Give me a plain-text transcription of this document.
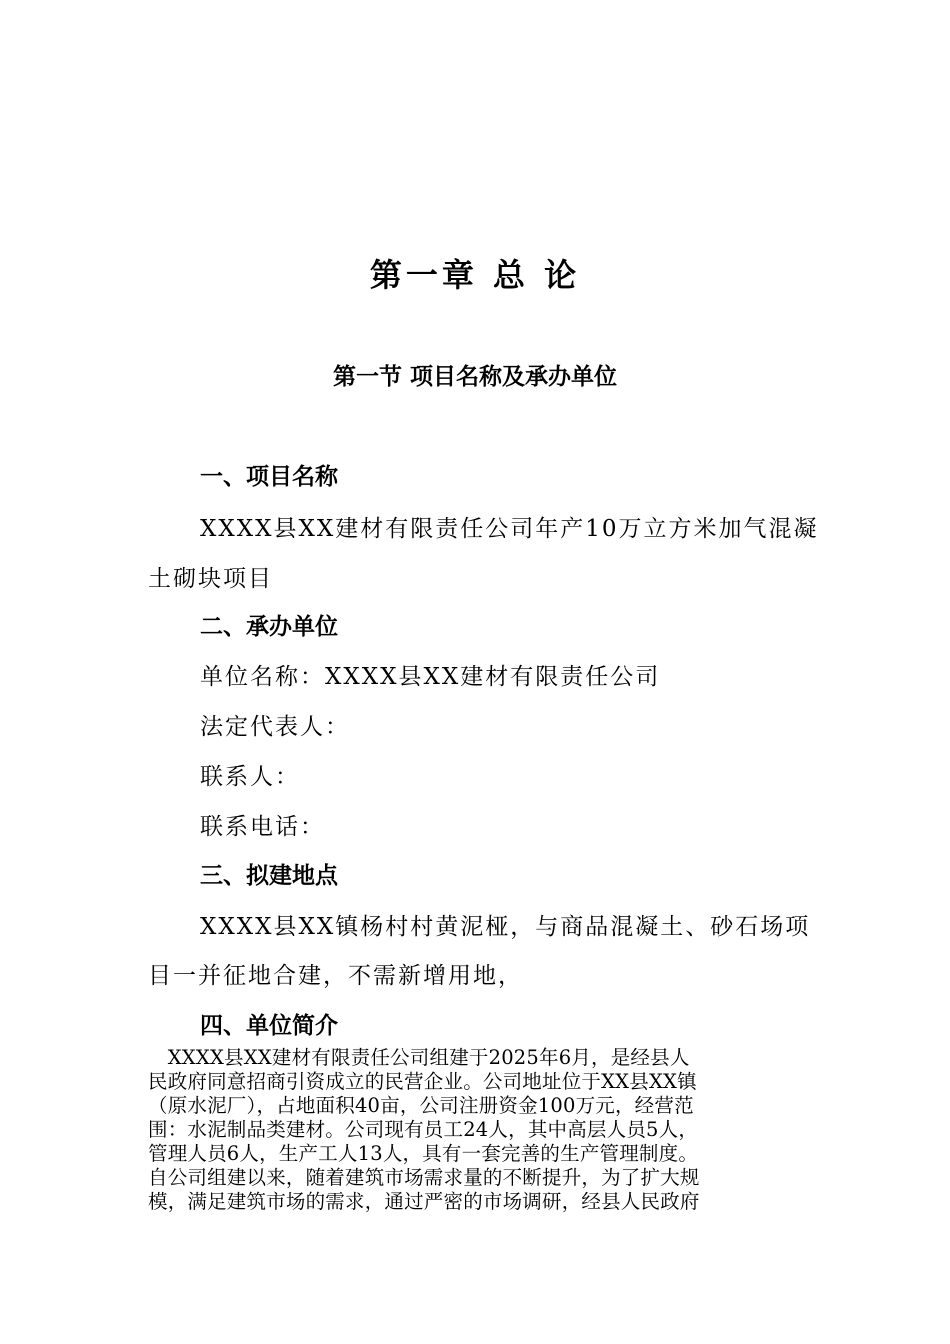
第一章 总 论
第一节 项目名称及承办单位
一、项目名称
XXXX县XX建材有限责任公司年产10万立方米加气混凝
土砌块项目
二、承办单位
单位名称：XXXX县XX建材有限责任公司
法定代表人：
联系人：
联系电话：
三、拟建地点
XXXX县XX镇杨村村黄泥桠，与商品混凝土、砂石场项
目一并征地合建，不需新增用地，
四、单位简介
　XXXX县XX建材有限责任公司组建于2025年6月，是经县人
民政府同意招商引资成立的民营企业。公司地址位于XX县XX镇
（原水泥厂），占地面积40亩，公司注册资金100万元，经营范
围：水泥制品类建材。公司现有员工24人，其中高层人员5人，
管理人员6人，生产工人13人，具有一套完善的生产管理制度。
自公司组建以来，随着建筑市场需求量的不断提升，为了扩大规
模，满足建筑市场的需求，通过严密的市场调研，经县人民政府
